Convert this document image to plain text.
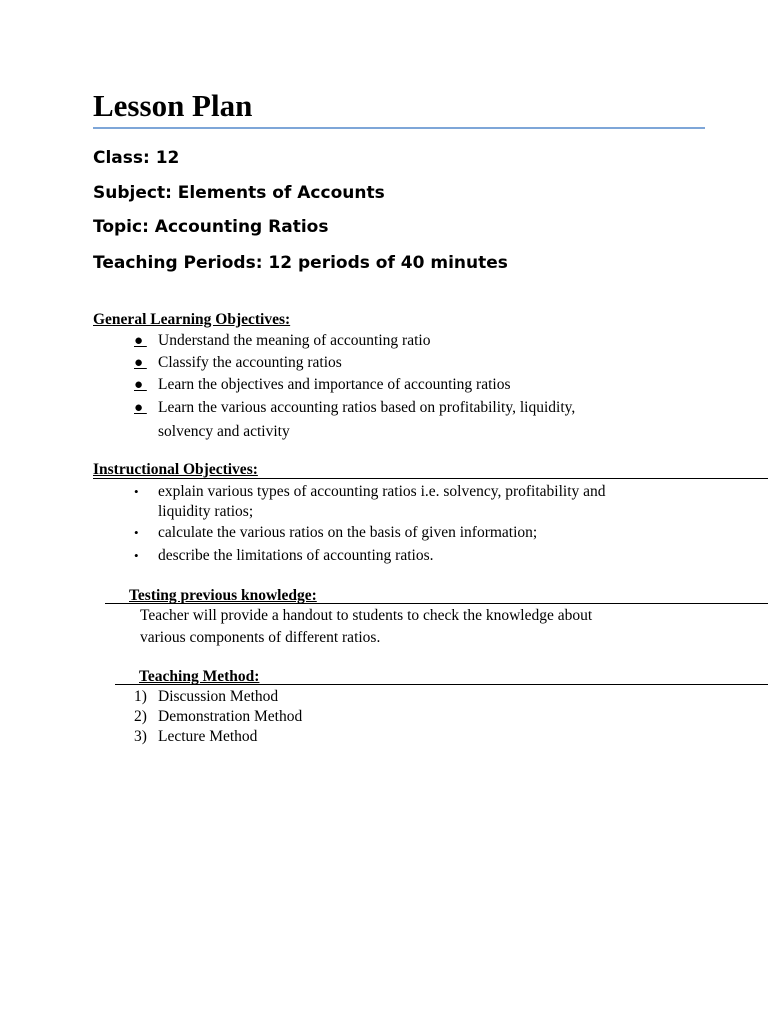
Lesson Plan
Class: 12
Subject: Elements of Accounts
Topic: Accounting Ratios
Teaching Periods: 12 periods of 40 minutes
General Learning Objectives:
● Understand the meaning of accounting ratio
● Classify the accounting ratios
● Learn the objectives and importance of accounting ratios
● Learn the various accounting ratios based on profitability, liquidity,
solvency and activity
Instructional Objectives:
• explain various types of accounting ratios i.e. solvency, profitability and
liquidity ratios;
• calculate the various ratios on the basis of given information;
• describe the limitations of accounting ratios.
Testing previous knowledge:
Teacher will provide a handout to students to check the knowledge about
various components of different ratios.
Teaching Method:
1) Discussion Method
2) Demonstration Method
3) Lecture Method
